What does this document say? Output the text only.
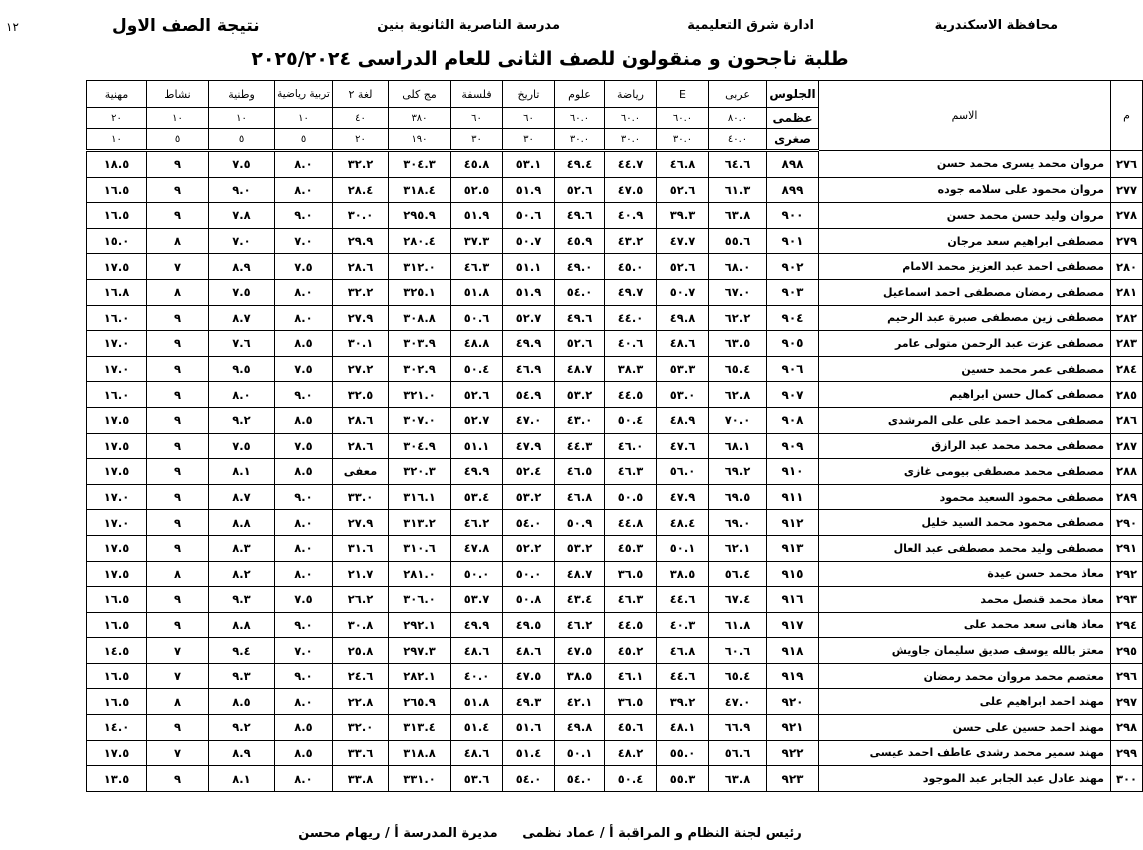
محافظة الاسكندرية
ادارة شرق التعليمية
مدرسة الناصرية الثانوية بنين
نتيجة الصف الاول
١٢
طلبة ناجحون و منقولون للصف الثانى للعام الدراسى ٢٠٢٥/٢٠٢٤
م	الاسم	الجلوس	عربى	E	رياضة	علوم	تاريخ	فلسفة	مج كلى	لغة ٢	تربية رياضية	وطنية	نشاط	مهنية
		عظمى	٨٠.٠	٦٠.٠	٦٠.٠	٦٠.٠	٦٠	٦٠	٣٨٠	٤٠	١٠	١٠	١٠	٢٠
		صغرى	٤٠.٠	٣٠.٠	٣٠.٠	٣٠.٠	٣٠	٣٠	١٩٠	٢٠	٥	٥	٥	١٠
٢٧٦	مروان محمد يسرى محمد حسن	٨٩٨	٦٤.٦	٤٦.٨	٤٤.٧	٤٩.٤	٥٣.١	٤٥.٨	٣٠٤.٣	٣٢.٢	٨.٠	٧.٥	٩	١٨.٥
٢٧٧	مروان محمود على سلامه جوده	٨٩٩	٦١.٣	٥٢.٦	٤٧.٥	٥٢.٦	٥١.٩	٥٢.٥	٣١٨.٤	٢٨.٤	٨.٠	٩.٠	٩	١٦.٥
٢٧٨	مروان وليد حسن محمد حسن	٩٠٠	٦٣.٨	٣٩.٣	٤٠.٩	٤٩.٦	٥٠.٦	٥١.٩	٢٩٥.٩	٣٠.٠	٩.٠	٧.٨	٩	١٦.٥
٢٧٩	مصطفى ابراهيم سعد مرجان	٩٠١	٥٥.٦	٤٧.٧	٤٣.٢	٤٥.٩	٥٠.٧	٣٧.٣	٢٨٠.٤	٢٩.٩	٧.٠	٧.٠	٨	١٥.٠
٢٨٠	مصطفى احمد عبد العزيز محمد الامام	٩٠٢	٦٨.٠	٥٢.٦	٤٥.٠	٤٩.٠	٥١.١	٤٦.٣	٣١٢.٠	٢٨.٦	٧.٥	٨.٩	٧	١٧.٥
٢٨١	مصطفى رمضان مصطفى احمد اسماعيل	٩٠٣	٦٧.٠	٥٠.٧	٤٩.٧	٥٤.٠	٥١.٩	٥١.٨	٣٢٥.١	٣٢.٢	٨.٠	٧.٥	٨	١٦.٨
٢٨٢	مصطفى زين مصطفى صبرة عبد الرحيم	٩٠٤	٦٢.٢	٤٩.٨	٤٤.٠	٤٩.٦	٥٢.٧	٥٠.٦	٣٠٨.٨	٢٧.٩	٨.٠	٨.٧	٩	١٦.٠
٢٨٣	مصطفى عزت عبد الرحمن متولى عامر	٩٠٥	٦٣.٥	٤٨.٦	٤٠.٦	٥٢.٦	٤٩.٩	٤٨.٨	٣٠٣.٩	٣٠.١	٨.٥	٧.٦	٩	١٧.٠
٢٨٤	مصطفى عمر محمد حسين	٩٠٦	٦٥.٤	٥٣.٣	٣٨.٣	٤٨.٧	٤٦.٩	٥٠.٤	٣٠٢.٩	٢٧.٢	٧.٥	٩.٥	٩	١٧.٠
٢٨٥	مصطفى كمال حسن ابراهيم	٩٠٧	٦٢.٨	٥٣.٠	٤٤.٥	٥٣.٢	٥٤.٩	٥٢.٦	٣٢١.٠	٣٢.٥	٩.٠	٨.٠	٩	١٦.٠
٢٨٦	مصطفى محمد احمد على على المرشدى	٩٠٨	٧٠.٠	٤٨.٩	٥٠.٤	٤٣.٠	٤٧.٠	٥٢.٧	٣٠٧.٠	٢٨.٦	٨.٥	٩.٢	٩	١٧.٥
٢٨٧	مصطفى محمد محمد عبد الرازق	٩٠٩	٦٨.١	٤٧.٦	٤٦.٠	٤٤.٣	٤٧.٩	٥١.١	٣٠٤.٩	٢٨.٦	٧.٥	٧.٥	٩	١٧.٥
٢٨٨	مصطفى محمد مصطفى بيومى غازى	٩١٠	٦٩.٢	٥٦.٠	٤٦.٣	٤٦.٥	٥٢.٤	٤٩.٩	٣٢٠.٣	معفى	٨.٥	٨.١	٩	١٧.٥
٢٨٩	مصطفى محمود السعيد محمود	٩١١	٦٩.٥	٤٧.٩	٥٠.٥	٤٦.٨	٥٣.٢	٥٣.٤	٣١٦.١	٣٣.٠	٩.٠	٨.٧	٩	١٧.٠
٢٩٠	مصطفى محمود محمد السيد خليل	٩١٢	٦٩.٠	٤٨.٤	٤٤.٨	٥٠.٩	٥٤.٠	٤٦.٢	٣١٣.٢	٢٧.٩	٨.٠	٨.٨	٩	١٧.٠
٢٩١	مصطفى وليد محمد مصطفى عبد العال	٩١٣	٦٢.١	٥٠.١	٤٥.٣	٥٣.٢	٥٢.٢	٤٧.٨	٣١٠.٦	٣١.٦	٨.٠	٨.٣	٩	١٧.٥
٢٩٢	معاذ محمد حسن عيدة	٩١٥	٥٦.٤	٣٨.٥	٣٦.٥	٤٨.٧	٥٠.٠	٥٠.٠	٢٨١.٠	٢١.٧	٨.٠	٨.٢	٨	١٧.٥
٢٩٣	معاذ محمد قنصل محمد	٩١٦	٦٧.٤	٤٤.٦	٤٦.٣	٤٣.٤	٥٠.٨	٥٣.٧	٣٠٦.٠	٢٦.٢	٧.٥	٩.٣	٩	١٦.٥
٢٩٤	معاذ هانى سعد محمد على	٩١٧	٦١.٨	٤٠.٣	٤٤.٥	٤٦.٢	٤٩.٥	٤٩.٩	٢٩٢.١	٣٠.٨	٩.٠	٨.٨	٩	١٦.٥
٢٩٥	معتز بالله يوسف صديق سليمان جاويش	٩١٨	٦٠.٦	٤٦.٨	٤٥.٢	٤٧.٥	٤٨.٦	٤٨.٦	٢٩٧.٣	٢٥.٨	٧.٠	٩.٤	٧	١٤.٥
٢٩٦	معتصم محمد مروان محمد رمضان	٩١٩	٦٥.٤	٤٤.٦	٤٦.١	٣٨.٥	٤٧.٥	٤٠.٠	٢٨٢.١	٢٤.٦	٩.٠	٩.٣	٧	١٦.٥
٢٩٧	مهند احمد ابراهيم على	٩٢٠	٤٧.٠	٣٩.٢	٣٦.٥	٤٢.١	٤٩.٣	٥١.٨	٢٦٥.٩	٢٢.٨	٨.٠	٨.٥	٨	١٦.٥
٢٩٨	مهند احمد حسين على حسن	٩٢١	٦٦.٩	٤٨.١	٤٥.٦	٤٩.٨	٥١.٦	٥١.٤	٣١٣.٤	٣٢.٠	٨.٥	٩.٢	٩	١٤.٠
٢٩٩	مهند سمير محمد رشدى عاطف احمد عيسى	٩٢٢	٥٦.٦	٥٥.٠	٤٨.٢	٥٠.١	٥١.٤	٤٨.٦	٣١٨.٨	٣٣.٦	٨.٥	٨.٩	٧	١٧.٥
٣٠٠	مهند عادل عبد الجابر عبد الموجود	٩٢٣	٦٣.٨	٥٥.٣	٥٠.٤	٥٤.٠	٥٤.٠	٥٣.٦	٣٣١.٠	٣٣.٨	٨.٠	٨.١	٩	١٣.٥
رئيس لجنة النظام و المراقبة أ / عماد نظمى مديرة المدرسة أ / ريهام محسن
